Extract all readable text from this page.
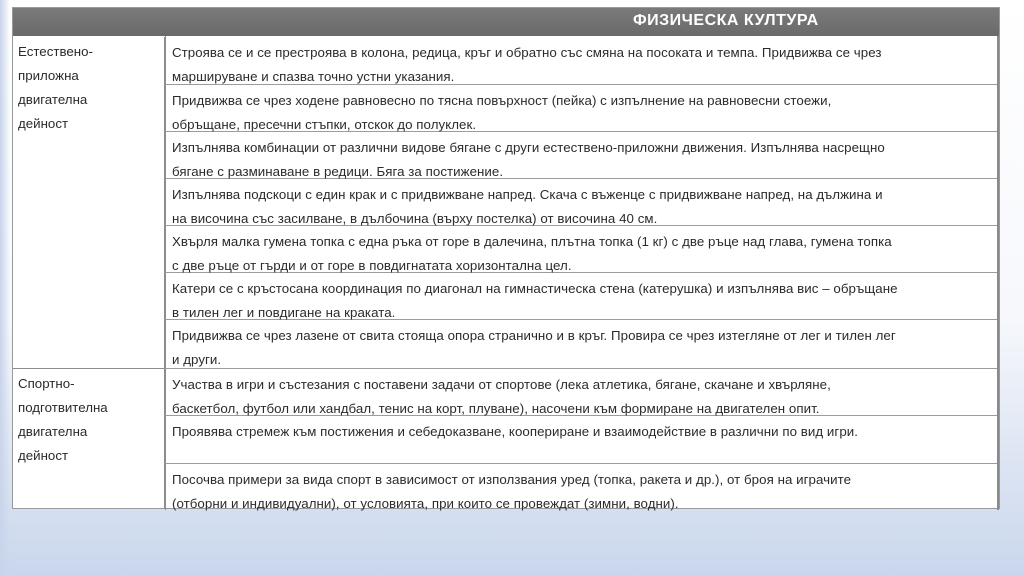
ФИЗИЧЕСКА КУЛТУРА
Естествено-
приложна
двигателна
дейност
Спортно-
подготвителна
двигателна
дейност
Строява се и се престроява в колона, редица, кръг и обратно със смяна на посоката и темпа. Придвижва се чрез
маршируване и спазва точно устни указания.
Придвижва се чрез ходене равновесно по тясна повърхност (пейка) с изпълнение на равновесни стоежи,
обръщане, пресечни стъпки, отскок до полуклек.
Изпълнява комбинации от различни видове бягане с други естествено-приложни движения. Изпълнява насрещно
бягане с разминаване в редици. Бяга за постижение.
Изпълнява подскоци с един крак и с придвижване напред. Скача с въженце с придвижване напред, на дължина и
на височина със засилване, в дълбочина (върху постелка) от височина 40 см.
Хвърля малка гумена топка с една ръка от горе в далечина, плътна топка (1 кг) с две ръце над глава, гумена топка
с две ръце от гърди и от горе в повдигнатата хоризонтална цел.
Катери се с кръстосана координация по диагонал на гимнастическа стена (катерушка) и изпълнява вис – обръщане
в тилен лег и повдигане на краката.
Придвижва се чрез лазене от свита стояща опора странично и в кръг. Провира се чрез изтегляне от лег и тилен лег
и други.
Участва в игри и състезания с поставени задачи от спортове (лека атлетика, бягане, скачане и хвърляне,
баскетбол, футбол или хандбал, тенис на корт, плуване), насочени към формиране на двигателен опит.
Проявява стремеж към постижения и себедоказване, коопериране и взаимодействие в различни по вид игри.
Посочва примери за вида спорт в зависимост от използвания уред (топка, ракета и др.), от броя на играчите
(отборни и индивидуални), от условията, при които се провеждат (зимни, водни).
